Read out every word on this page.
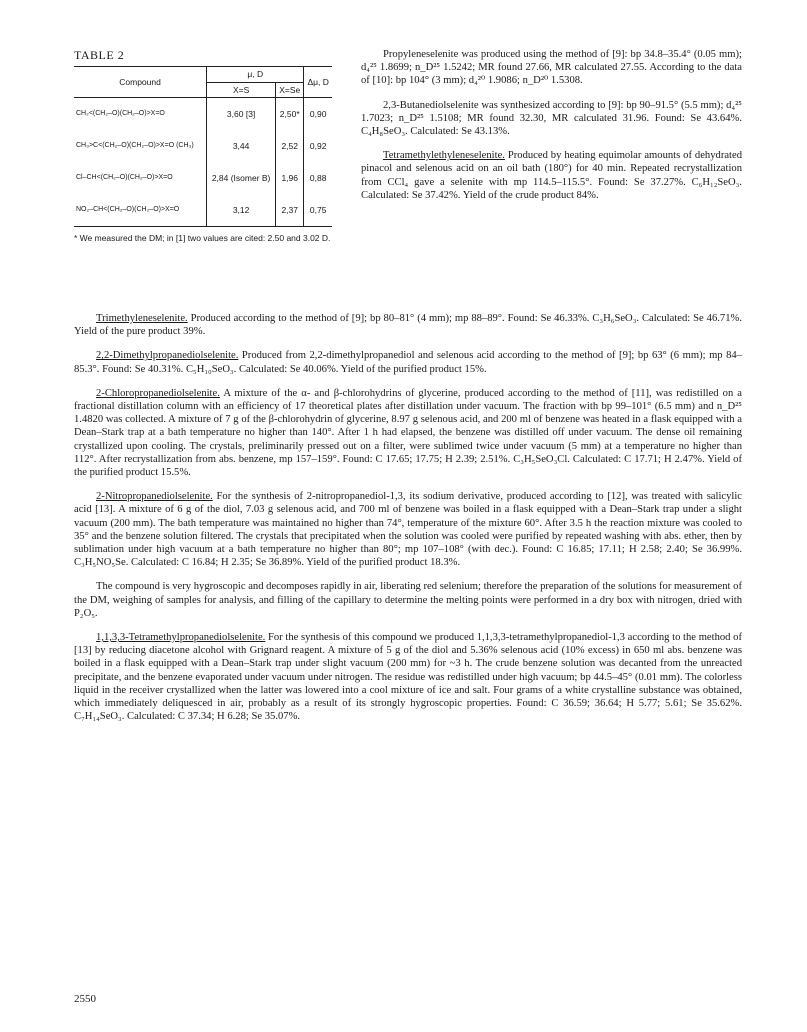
TABLE 2
Compound	μ, D		Δμ, D
	X=S	X=Se	
CH₂<(CH₂–O)(CH₂–O)>X=O	3,60 [3]	2,50*	0,90
CH₃>C<(CH₂–O)(CH₂–O)>X=O (CH₃)	3,44	2,52	0,92
Cl–CH<(CH₂–O)(CH₂–O)>X=O	2,84 (Isomer B)	1,96	0,88
NO₂–CH<(CH₂–O)(CH₂–O)>X=O	3,12	2,37	0,75
* We measured the DM; in [1] two values are cited: 2.50 and 3.02 D.

Propyleneselenite was produced using the method of [9]: bp 34.8–35.4° (0.05 mm); d₄²⁵ 1.8699; n_D²⁵ 1.5242; MR found 27.66, MR calculated 27.55. According to the data of [10]: bp 104° (3 mm); d₄²⁰ 1.9086; n_D²⁰ 1.5308.

2,3-Butanediolselenite was synthesized according to [9]: bp 90–91.5° (5.5 mm); d₄²⁵ 1.7023; n_D²⁵ 1.5108; MR found 32.30, MR calculated 31.96. Found: Se 43.64%. C₄H₈SeO₃. Calculated: Se 43.13%.

Tetramethylethyleneselenite. Produced by heating equimolar amounts of dehydrated pinacol and selenous acid on an oil bath (180°) for 40 min. Repeated recrystallization from CCl₄ gave a selenite with mp 114.5–115.5°. Found: Se 37.27%. C₆H₁₂SeO₃. Calculated: Se 37.42%. Yield of the crude product 84%.

Trimethyleneselenite. Produced according to the method of [9]; bp 80–81° (4 mm); mp 88–89°. Found: Se 46.33%. C₃H₆SeO₃. Calculated: Se 46.71%. Yield of the pure product 39%.

2,2-Dimethylpropanediolselenite. Produced from 2,2-dimethylpropanediol and selenous acid according to the method of [9]; bp 63° (6 mm); mp 84–85.3°. Found: Se 40.31%. C₅H₁₀SeO₃. Calculated: Se 40.06%. Yield of the purified product 15%.

2-Chloropropanediolselenite. A mixture of the α- and β-chlorohydrins of glycerine, produced according to the method of [11], was redistilled on a fractional distillation column with an efficiency of 17 theoretical plates after distillation under vacuum. The fraction with bp 99–101° (6.5 mm) and n_D²⁵ 1.4820 was collected. A mixture of 7 g of the β-chlorohydrin of glycerine, 8.97 g selenous acid, and 200 ml of benzene was heated in a flask equipped with a Dean–Stark trap at a bath temperature no higher than 140°. After 1 h had elapsed, the benzene was distilled off under vacuum. The dense oil remaining crystallized upon cooling. The crystals, preliminarily pressed out on a filter, were sublimed twice under vacuum (5 mm) at a temperature no higher than 112°. After recrystallization from abs. benzene, mp 157–159°. Found: C 17.65; 17.75; H 2.39; 2.51%. C₃H₅SeO₃Cl. Calculated: C 17.71; H 2.47%. Yield of the purified product 15.5%.

2-Nitropropanediolselenite. For the synthesis of 2-nitropropanediol-1,3, its sodium derivative, produced according to [12], was treated with salicylic acid [13]. A mixture of 6 g of the diol, 7.03 g selenous acid, and 700 ml of benzene was boiled in a flask equipped with a Dean–Stark trap under a slight vacuum (200 mm). The bath temperature was maintained no higher than 74°, temperature of the mixture 60°. After 3.5 h the reaction mixture was cooled to 35° and the benzene solution filtered. The crystals that precipitated when the solution was cooled were purified by repeated washing with abs. ether, then by sublimation under high vacuum at a bath temperature no higher than 80°; mp 107–108° (with dec.). Found: C 16.85; 17.11; H 2.58; 2.40; Se 36.99%. C₃H₅NO₅Se. Calculated: C 16.84; H 2.35; Se 36.89%. Yield of the purified product 18.3%.

The compound is very hygroscopic and decomposes rapidly in air, liberating red selenium; therefore the preparation of the solutions for measurement of the DM, weighing of samples for analysis, and filling of the capillary to determine the melting points were performed in a dry box with nitrogen, dried with P₂O₅.

1,1,3,3-Tetramethylpropanediolselenite. For the synthesis of this compound we produced 1,1,3,3-tetramethylpropanediol-1,3 according to the method of [13] by reducing diacetone alcohol with Grignard reagent. A mixture of 5 g of the diol and 5.36% selenous acid (10% excess) in 650 ml abs. benzene was boiled in a flask equipped with a Dean–Stark trap under slight vacuum (200 mm) for ~3 h. The crude benzene solution was decanted from the unreacted precipitate, and the benzene evaporated under vacuum under nitrogen. The residue was redistilled under high vacuum; bp 44.5–45° (0.01 mm). The colorless liquid in the receiver crystallized when the latter was lowered into a cool mixture of ice and salt. Four grams of a white crystalline substance was obtained, which immediately deliquesced in air, probably as a result of its strongly hygroscopic properties. Found: C 36.59; 36.64; H 5.77; 5.61; Se 35.62%. C₇H₁₄SeO₃. Calculated: C 37.34; H 6.28; Se 35.07%.

2550
